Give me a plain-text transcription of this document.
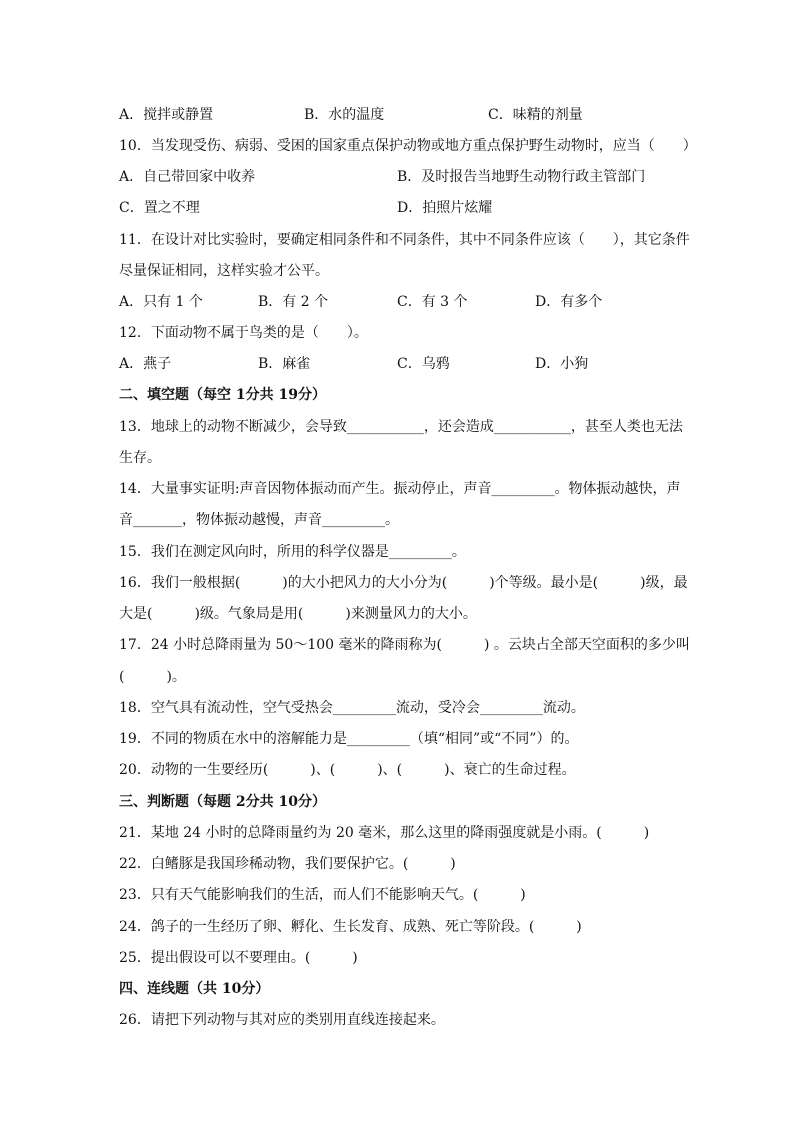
A．搅拌或静置	B．水的温度	C．味精的剂量
10．当发现受伤、病弱、受困的国家重点保护动物或地方重点保护野生动物时，应当（　　）
A．自己带回家中收养	B．及时报告当地野生动物行政主管部门
C．置之不理	D．拍照片炫耀
11．在设计对比实验时，要确定相同条件和不同条件，其中不同条件应该（　　），其它条件
尽量保证相同，这样实验才公平。
A．只有 1 个	B．有 2 个	C．有 3 个	D．有多个
12．下面动物不属于鸟类的是（　　）。
A．燕子	B．麻雀	C．乌鸦	D．小狗
二、填空题（每空 1分共 19分）
13．地球上的动物不断减少，会导致___________，还会造成___________，甚至人类也无法
生存。
14．大量事实证明:声音因物体振动而产生。振动停止，声音_________。物体振动越快，声
音_______，物体振动越慢，声音_________。
15．我们在测定风向时，所用的科学仪器是_________。
16．我们一般根据(　　　)的大小把风力的大小分为(　　　)个等级。最小是(　　　)级，最
大是(　　　)级。气象局是用(　　　)来测量风力的大小。
17．24 小时总降雨量为 50～100 毫米的降雨称为(　　　) 。云块占全部天空面积的多少叫
(　　　)。
18．空气具有流动性，空气受热会_________流动，受冷会_________流动。
19．不同的物质在水中的溶解能力是_________（填“相同”或“不同”）的。
20．动物的一生要经历(　　　)、(　　　)、(　　　)、衰亡的生命过程。
三、判断题（每题 2分共 10分）
21．某地 24 小时的总降雨量约为 20 毫米，那么这里的降雨强度就是小雨。(　　　)
22．白鳍豚是我国珍稀动物，我们要保护它。(　　　)
23．只有天气能影响我们的生活，而人们不能影响天气。(　　　)
24．鸽子的一生经历了卵、孵化、生长发育、成熟、死亡等阶段。(　　　)
25．提出假设可以不要理由。(　　　)
四、连线题（共 10分）
26．请把下列动物与其对应的类别用直线连接起来。
